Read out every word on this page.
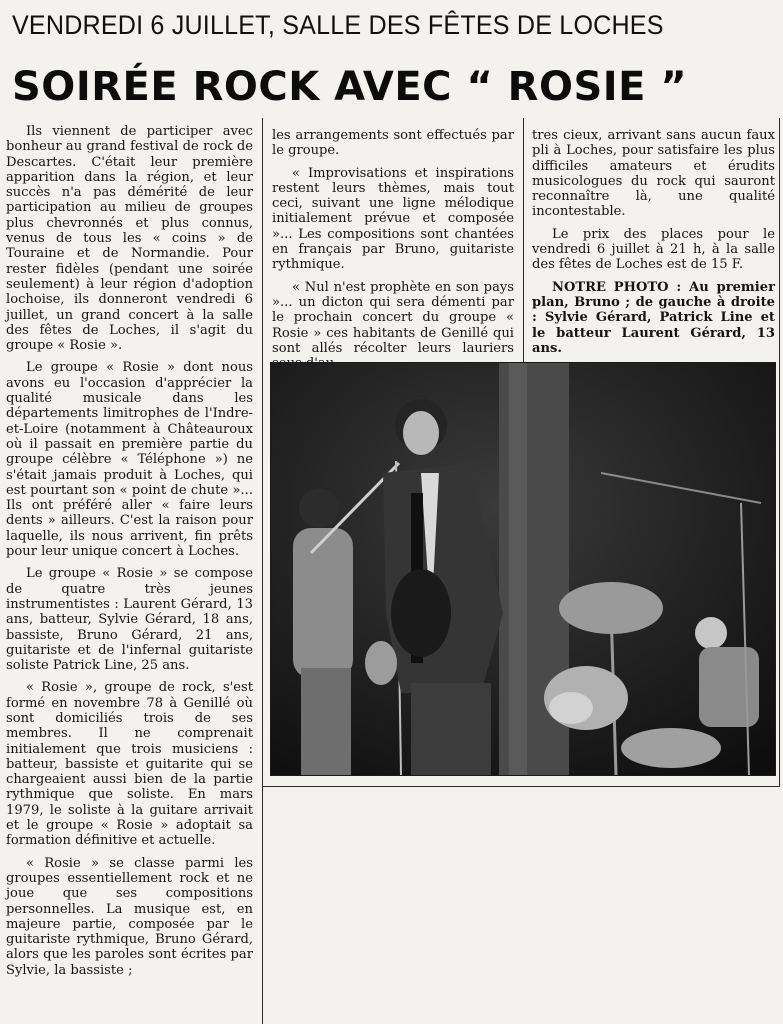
VENDREDI 6 JUILLET, SALLE DES FÊTES DE LOCHES
SOIRÉE ROCK AVEC “ ROSIE ”

Ils viennent de participer avec bonheur au grand festival de rock de Descartes. C'était leur première apparition dans la région, et leur succès n'a pas démérité de leur participation au milieu de groupes plus chevronnés et plus connus, venus de tous les « coins » de Touraine et de Normandie. Pour rester fidèles (pendant une soirée seulement) à leur région d'adoption lochoise, ils donneront vendredi 6 juillet, un grand concert à la salle des fêtes de Loches, il s'agit du groupe « Rosie ».

Le groupe « Rosie » dont nous avons eu l'occasion d'apprécier la qualité musicale dans les départements limitrophes de l'Indre-et-Loire (notamment à Châteauroux où il passait en première partie du groupe célèbre « Téléphone ») ne s'était jamais produit à Loches, qui est pourtant son « point de chute »... Ils ont préféré aller « faire leurs dents » ailleurs. C'est la raison pour laquelle, ils nous arrivent, fin prêts pour leur unique concert à Loches.

Le groupe « Rosie » se compose de quatre très jeunes instrumentistes : Laurent Gérard, 13 ans, batteur, Sylvie Gérard, 18 ans, bassiste, Bruno Gérard, 21 ans, guitariste et de l'infernal guitariste soliste Patrick Line, 25 ans.

« Rosie », groupe de rock, s'est formé en novembre 78 à Genillé où sont domiciliés trois de ses membres. Il ne comprenait initialement que trois musiciens : batteur, bassiste et guitarite qui se chargeaient aussi bien de la partie rythmique que soliste. En mars 1979, le soliste à la guitare arrivait et le groupe « Rosie » adoptait sa formation définitive et actuelle.

« Rosie » se classe parmi les groupes essentiellement rock et ne joue que ses compositions personnelles. La musique est, en majeure partie, composée par le guitariste rythmique, Bruno Gérard, alors que les paroles sont écrites par Sylvie, la bassiste ;

les arrangements sont effectués par le groupe.

« Improvisations et inspirations restent leurs thèmes, mais tout ceci, suivant une ligne mélodique initialement prévue et composée »... Les compositions sont chantées en français par Bruno, guitariste rythmique.

« Nul n'est prophète en son pays »... un dicton qui sera démenti par le prochain concert du groupe « Rosie » ces habitants de Genillé qui sont allés récolter leurs lauriers

tres cieux, arrivant sans aucun faux pli à Loches, pour satisfaire les plus difficiles amateurs et érudits musicologues du rock qui sauront reconnaître là, une qualité incontestable.

Le prix des places pour le vendredi 6 juillet à 21 h, à la salle des fêtes de Loches est de 15 F.

NOTRE PHOTO : Au premier plan, Bruno ; de gauche à droite : Sylvie Gérard, Patrick Line et le batteur Laurent Gérard, 13 ans.
